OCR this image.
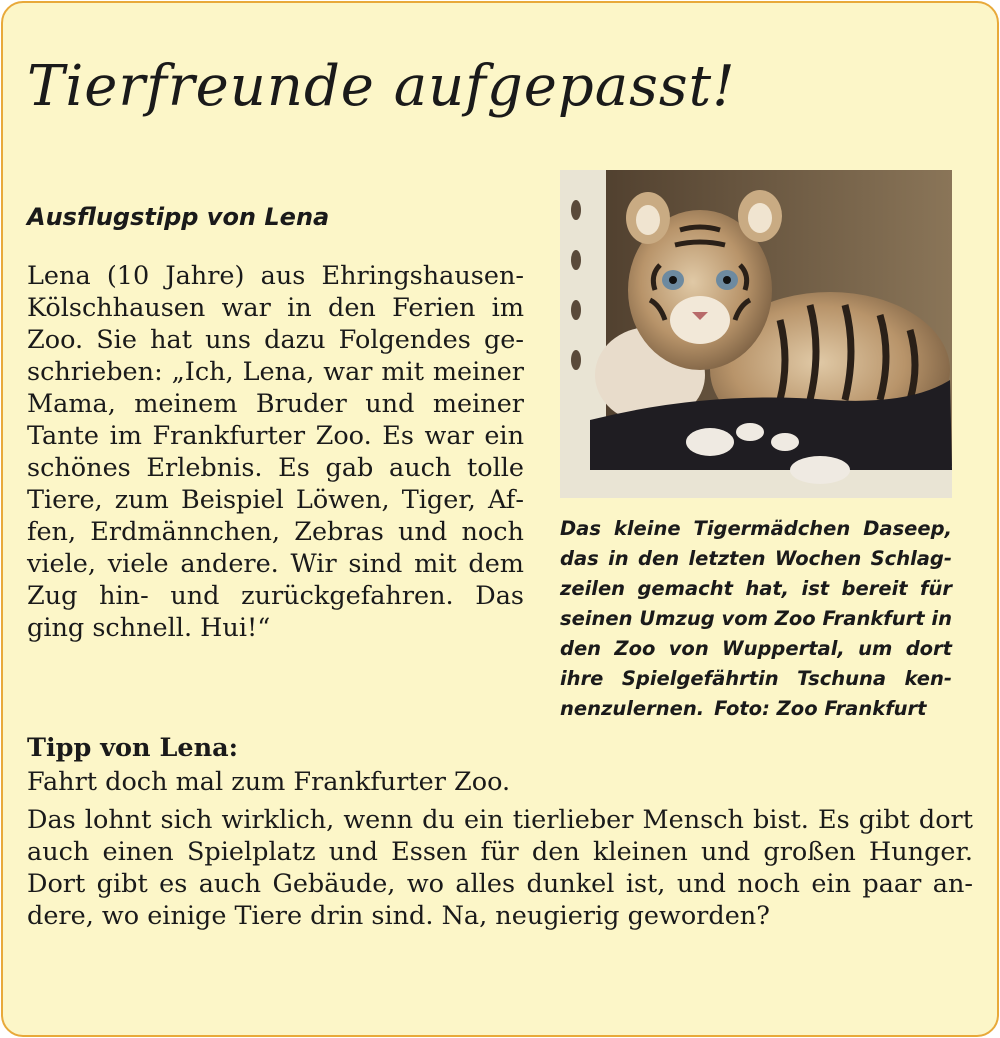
Tierfreunde aufgepasst!
Ausflugstipp von Lena

Lena (10 Jahre) aus Ehringshausen-Kölschhausen war in den Ferien im Zoo. Sie hat uns dazu Folgendes geschrieben: „Ich, Lena, war mit meiner Mama, meinem Bruder und meiner Tante im Frankfurter Zoo. Es war ein schönes Erlebnis. Es gab auch tolle Tiere, zum Beispiel Löwen, Tiger, Affen, Erdmännchen, Zebras und noch viele, viele andere. Wir sind mit dem Zug hin- und zurückgefahren. Das ging schnell. Hui!“

Tipp von Lena:
Fahrt doch mal zum Frankfurter Zoo.

Das lohnt sich wirklich, wenn du ein tierlieber Mensch bist. Es gibt dort auch einen Spielplatz und Essen für den kleinen und großen Hunger. Dort gibt es auch Gebäude, wo alles dunkel ist, und noch ein paar andere, wo einige Tiere drin sind. Na, neugierig geworden?

Das kleine Tigermädchen Daseep, das in den letzten Wochen Schlagzeilen gemacht hat, ist bereit für seinen Umzug vom Zoo Frankfurt in den Zoo von Wuppertal, um dort ihre Spielgefährtin Tschuna kennenzulernen. Foto: Zoo Frankfurt
